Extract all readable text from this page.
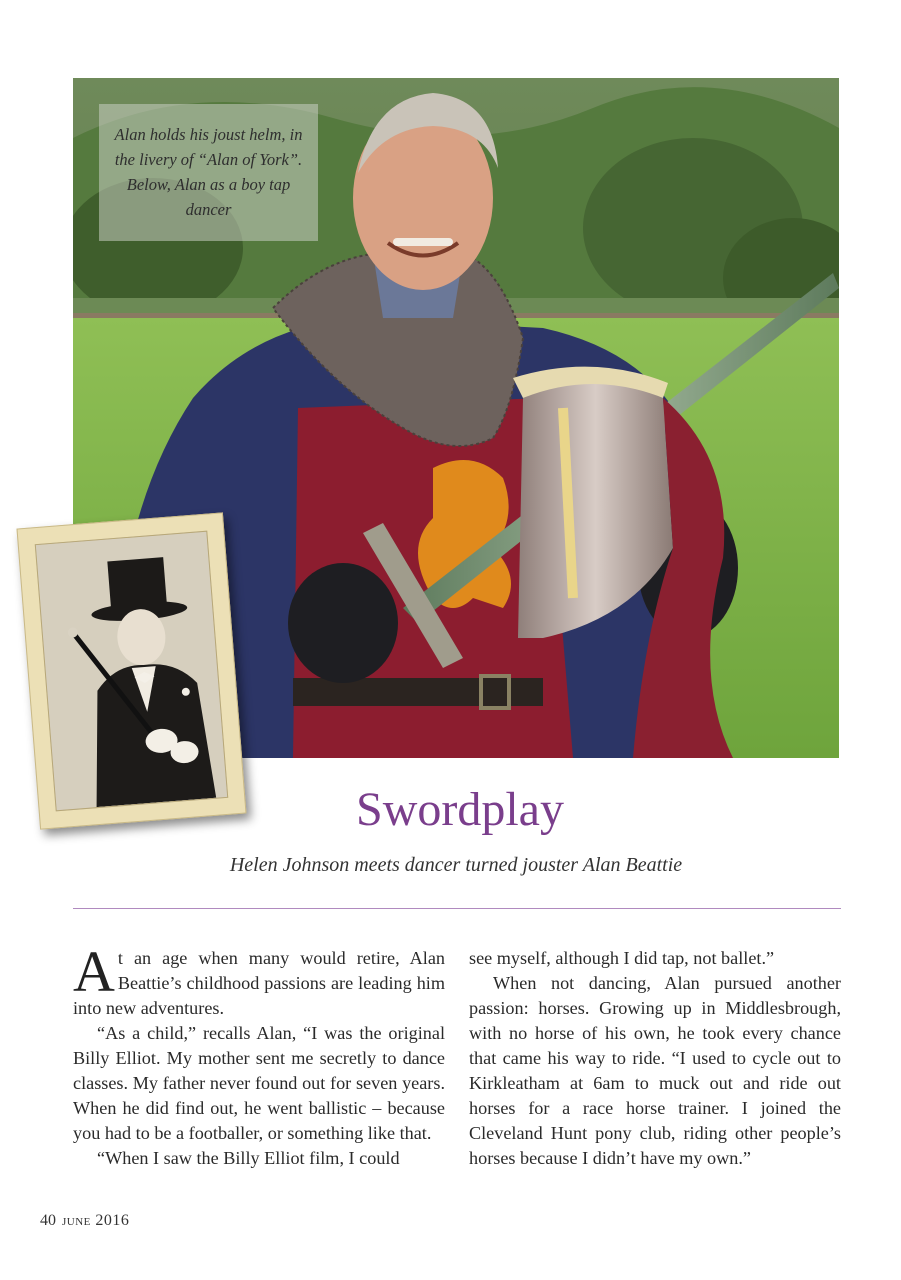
Alan holds his joust helm, in the livery of “Alan of York”. Below, Alan as a boy tap dancer
Swordplay
Helen Johnson meets dancer turned jouster Alan Beattie

At an age when many would retire, Alan Beattie’s childhood passions are leading him into new adventures.

“As a child,” recalls Alan, “I was the original Billy Elliot. My mother sent me secretly to dance classes. My father never found out for seven years. When he did find out, he went ballistic – because you had to be a footballer, or something like that.

“When I saw the Billy Elliot film, I could

see myself, although I did tap, not ballet.”

When not dancing, Alan pursued another passion: horses. Growing up in Middlesbrough, with no horse of his own, he took every chance that came his way to ride. “I used to cycle out to Kirkleatham at 6am to muck out and ride out horses for a race horse trainer. I joined the Cleveland Hunt pony club, riding other people’s horses because I didn’t have my own.”

40 june 2016
